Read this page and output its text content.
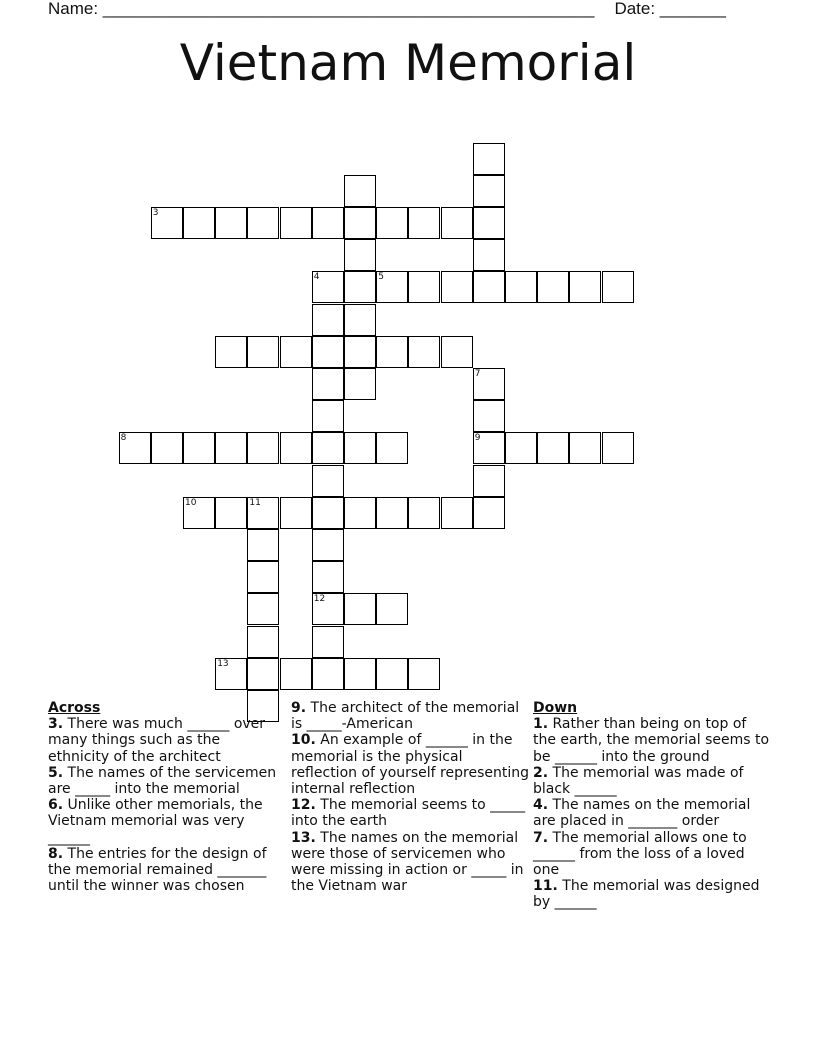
Name: ____________________________________________________ Date: _______
Vietnam Memorial
3
5
4
12
7
9
8
10	11
13
Across
3. There was much ______ over many things such as the ethnicity of the architect
5. The names of the servicemen are _____ into the memorial
6. Unlike other memorials, the Vietnam memorial was very ______
8. The entries for the design of the memorial remained _______ until the winner was chosen
9. The architect of the memorial is _____-American
10. An example of ______ in the memorial is the physical reflection of yourself representing internal reflection
12. The memorial seems to _____ into the earth
13. The names on the memorial were those of servicemen who were missing in action or _____ in the Vietnam war
Down
1. Rather than being on top of the earth, the memorial seems to be ______ into the ground
2. The memorial was made of black ______
4. The names on the memorial are placed in _______ order
7. The memorial allows one to ______ from the loss of a loved one
11. The memorial was designed by ______
